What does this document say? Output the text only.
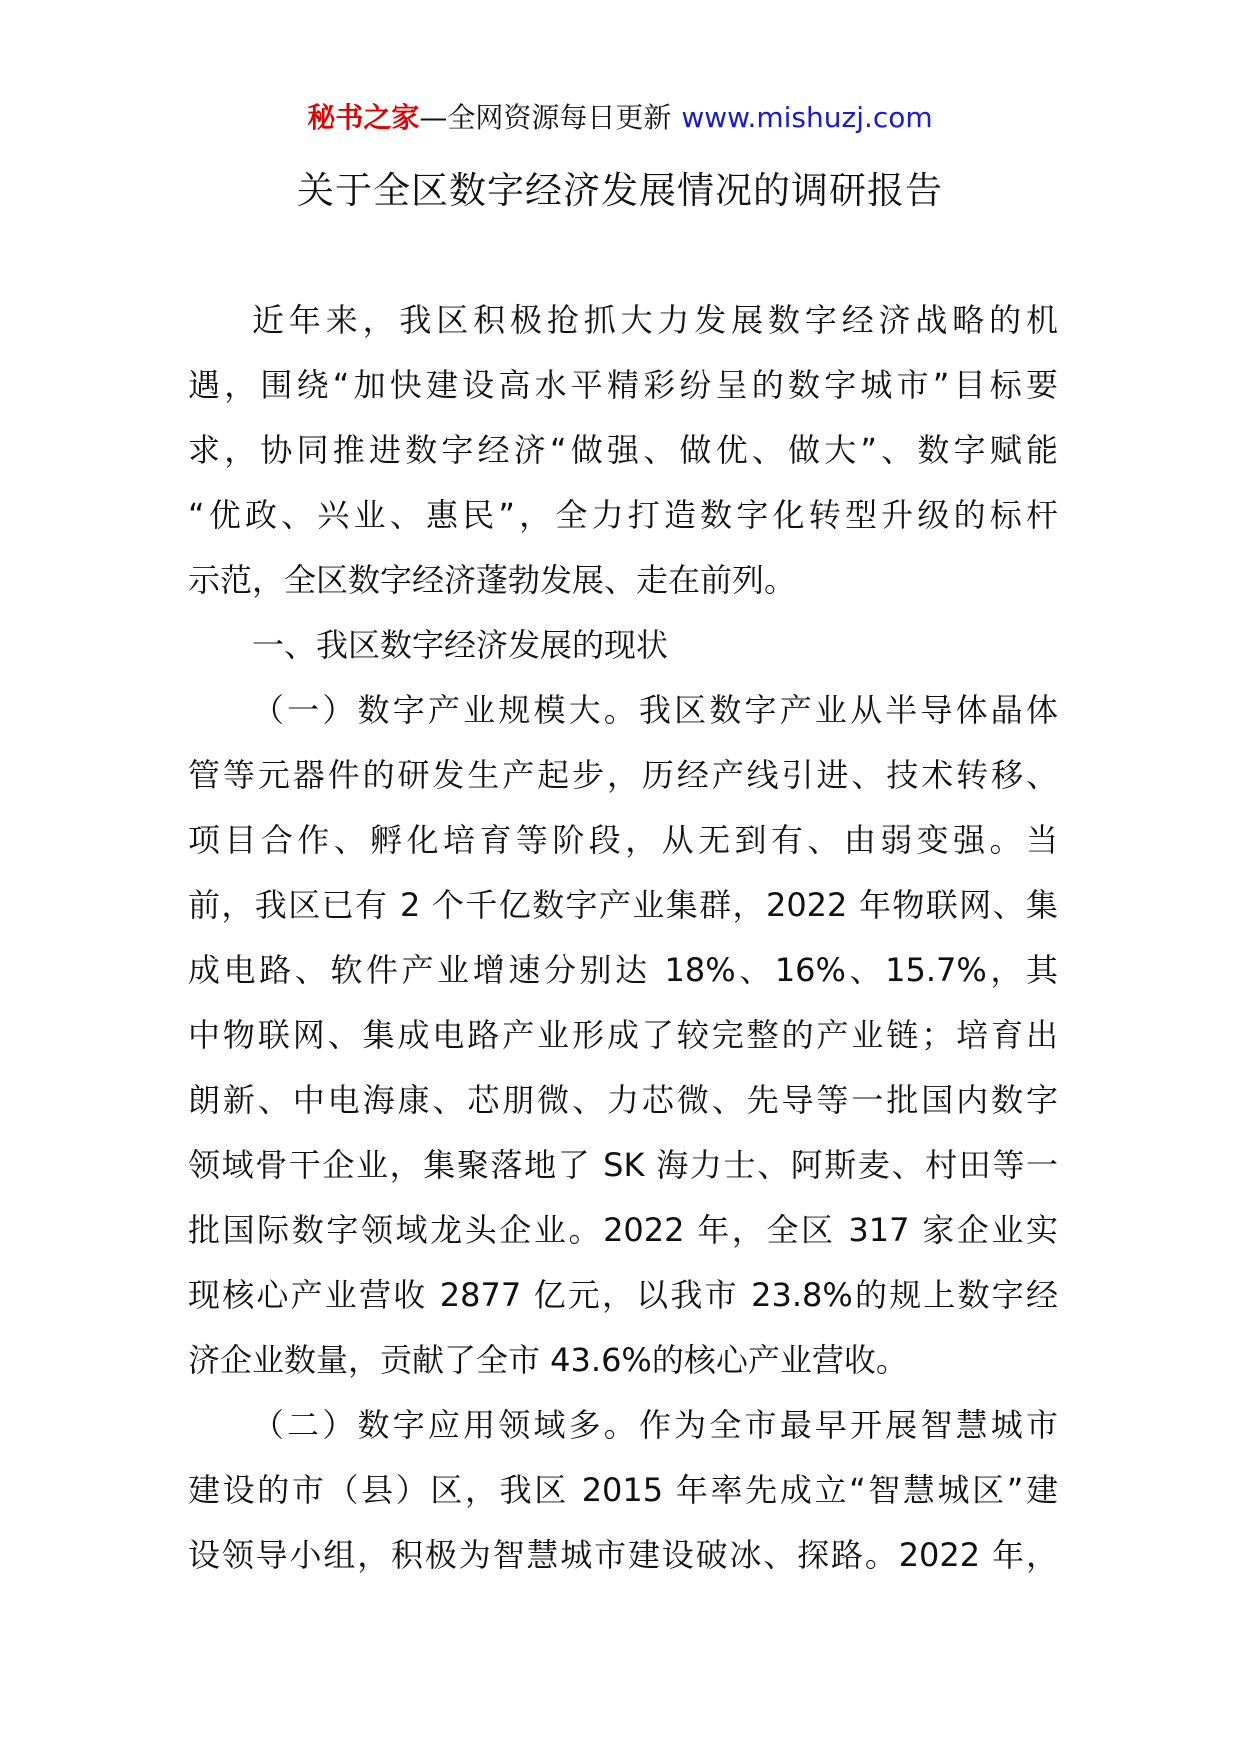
秘书之家—全网资源每日更新 www.mishuzj.com
关于全区数字经济发展情况的调研报告
近年来，我区积极抢抓大力发展数字经济战略的机
遇，围绕“加快建设高水平精彩纷呈的数字城市”目标要
求，协同推进数字经济“做强、做优、做大”、数字赋能
“优政、兴业、惠民”，全力打造数字化转型升级的标杆
示范，全区数字经济蓬勃发展、走在前列。
一、我区数字经济发展的现状
（一）数字产业规模大。我区数字产业从半导体晶体
管等元器件的研发生产起步，历经产线引进、技术转移、
项目合作、孵化培育等阶段，从无到有、由弱变强。当
前，我区已有 2 个千亿数字产业集群，2022 年物联网、集
成电路、软件产业增速分别达 18%、16%、15.7%，其
中物联网、集成电路产业形成了较完整的产业链；培育出
朗新、中电海康、芯朋微、力芯微、先导等一批国内数字
领域骨干企业，集聚落地了 SK 海力士、阿斯麦、村田等一
批国际数字领域龙头企业。2022 年，全区 317 家企业实
现核心产业营收 2877 亿元，以我市 23.8%的规上数字经
济企业数量，贡献了全市 43.6%的核心产业营收。
（二）数字应用领域多。作为全市最早开展智慧城市
建设的市（县）区，我区 2015 年率先成立“智慧城区”建
设领导小组，积极为智慧城市建设破冰、探路。2022 年，
